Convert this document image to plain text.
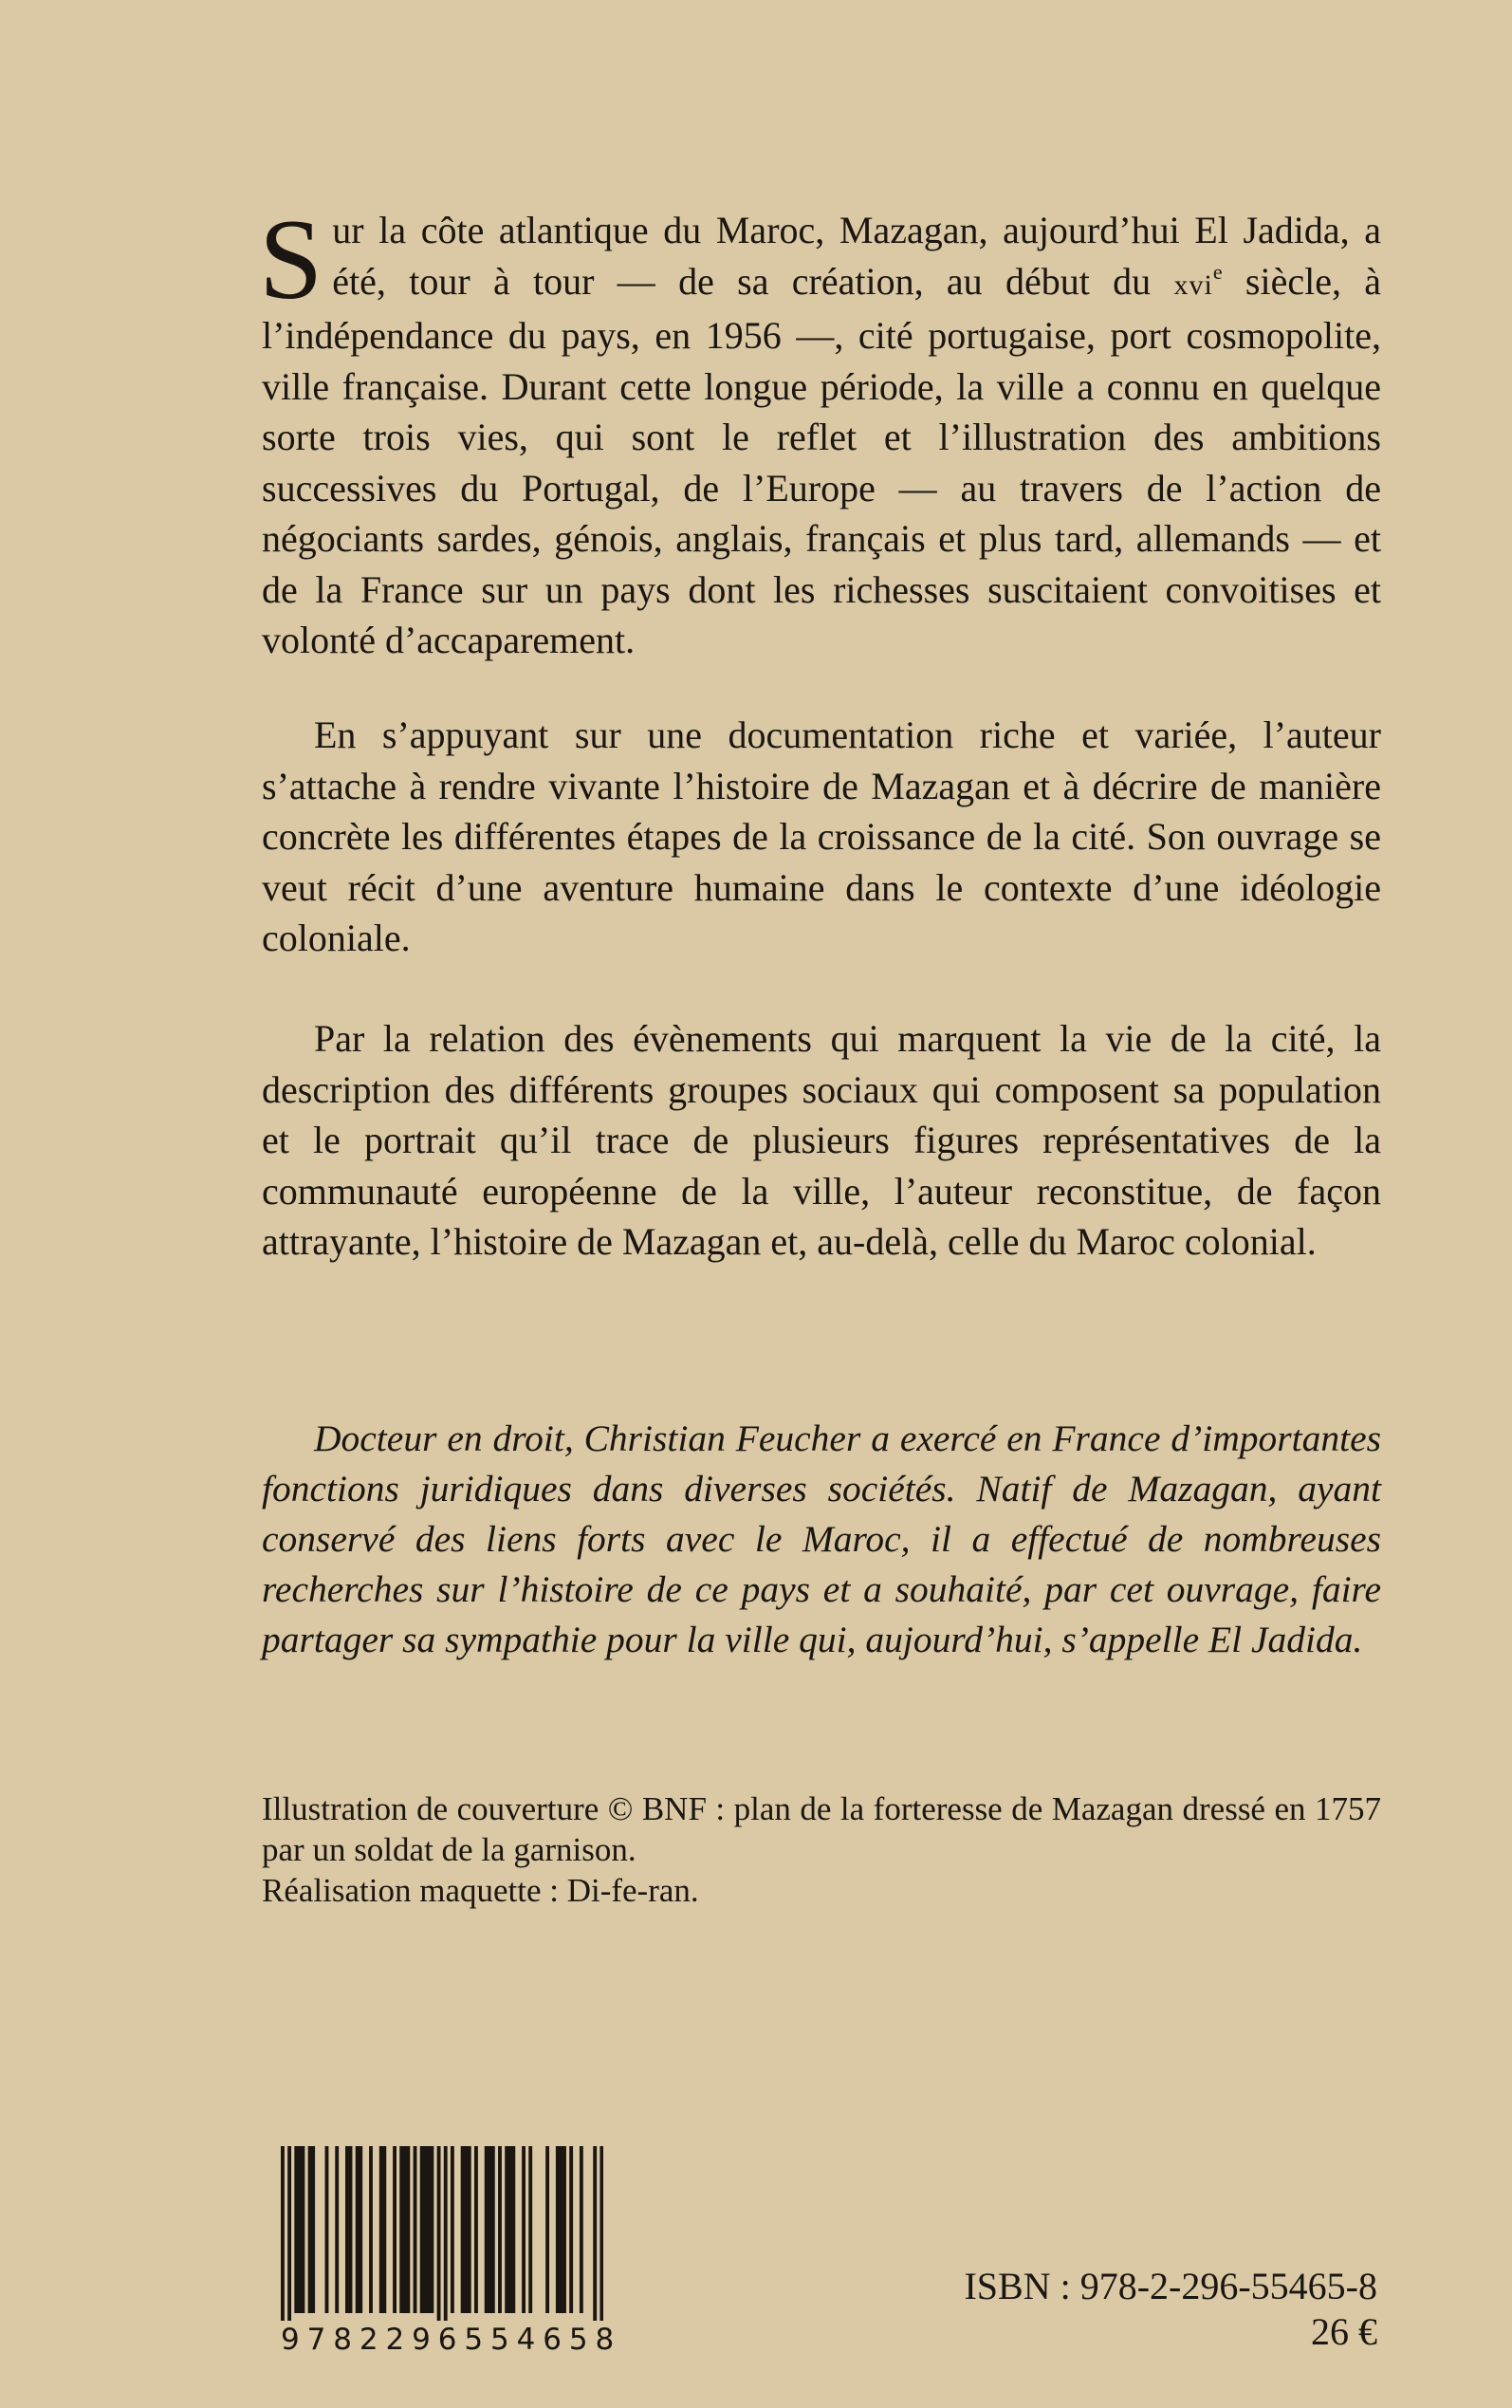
Sur la côte atlantique du Maroc, Mazagan, aujourd’hui El Jadida, a été, tour à tour — de sa création, au début du xvi$^e$ siècle, à l’indépendance du pays, en 1956 —, cité portugaise, port cosmopolite, ville française. Durant cette longue période, la ville a connu en quelque sorte trois vies, qui sont le reflet et l’illustration des ambitions successives du Portugal, de l’Europe — au travers de l’action de négociants sardes, génois, anglais, français et plus tard, allemands — et de la France sur un pays dont les richesses suscitaient convoitises et volonté d’accaparement.
En s’appuyant sur une documentation riche et variée, l’auteur s’attache à rendre vivante l’histoire de Mazagan et à décrire de manière concrète les différentes étapes de la croissance de la cité. Son ouvrage se veut récit d’une aventure humaine dans le contexte d’une idéologie coloniale.
Par la relation des évènements qui marquent la vie de la cité, la description des différents groupes sociaux qui composent sa population et le portrait qu’il trace de plusieurs figures représentatives de la communauté européenne de la ville, l’auteur reconstitue, de façon attrayante, l’histoire de Mazagan et, au-delà, celle du Maroc colonial.
Docteur en droit, Christian Feucher a exercé en France d’importantes fonctions juridiques dans diverses sociétés. Natif de Mazagan, ayant conservé des liens forts avec le Maroc, il a effectué de nombreuses recherches sur l’histoire de ce pays et a souhaité, par cet ouvrage, faire partager sa sympathie pour la ville qui, aujourd’hui, s’appelle El Jadida.
Illustration de couverture © BNF : plan de la forteresse de Mazagan dressé en 1757 par un soldat de la garnison.
Réalisation maquette : Di-fe-ran.
9782296554658
ISBN : 978-2-296-55465-8
26 €
